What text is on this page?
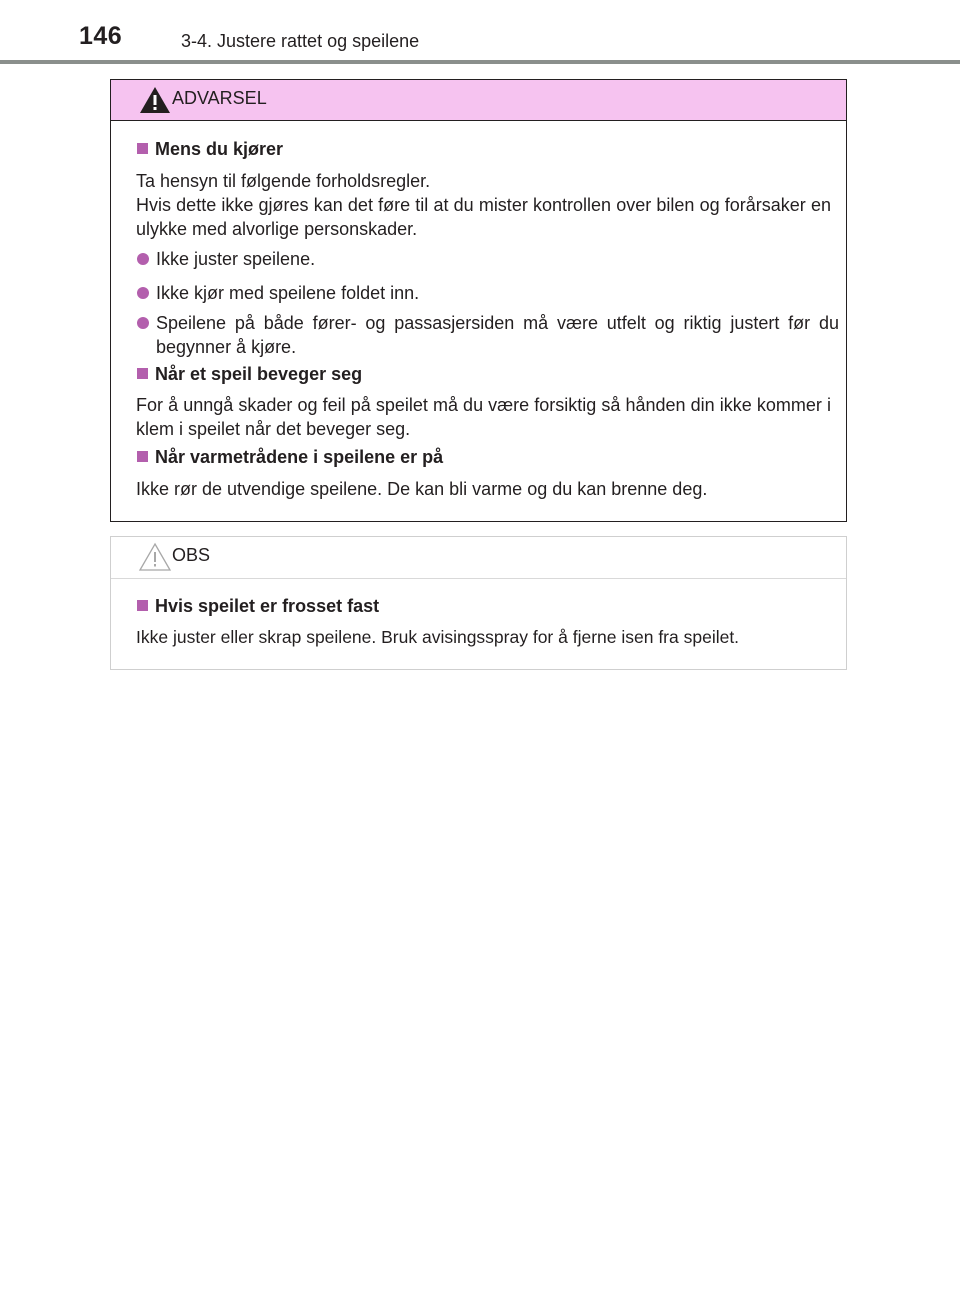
146	3-4. Justere rattet og speilene
ADVARSEL
Mens du kjører

Ta hensyn til følgende forholdsregler.

Hvis dette ikke gjøres kan det føre til at du mister kontrollen over bilen og forårsaker en ulykke med alvorlige personskader.

Ikke juster speilene.
Ikke kjør med speilene foldet inn.
Speilene på både fører- og passasjersiden må være utfelt og riktig justert før du begynner å kjøre.
Når et speil beveger seg

For å unngå skader og feil på speilet må du være forsiktig så hånden din ikke kommer i klem i speilet når det beveger seg.

Når varmetrådene i speilene er på

Ikke rør de utvendige speilene. De kan bli varme og du kan brenne deg.

OBS
Hvis speilet er frosset fast

Ikke juster eller skrap speilene. Bruk avisingsspray for å fjerne isen fra speilet.
